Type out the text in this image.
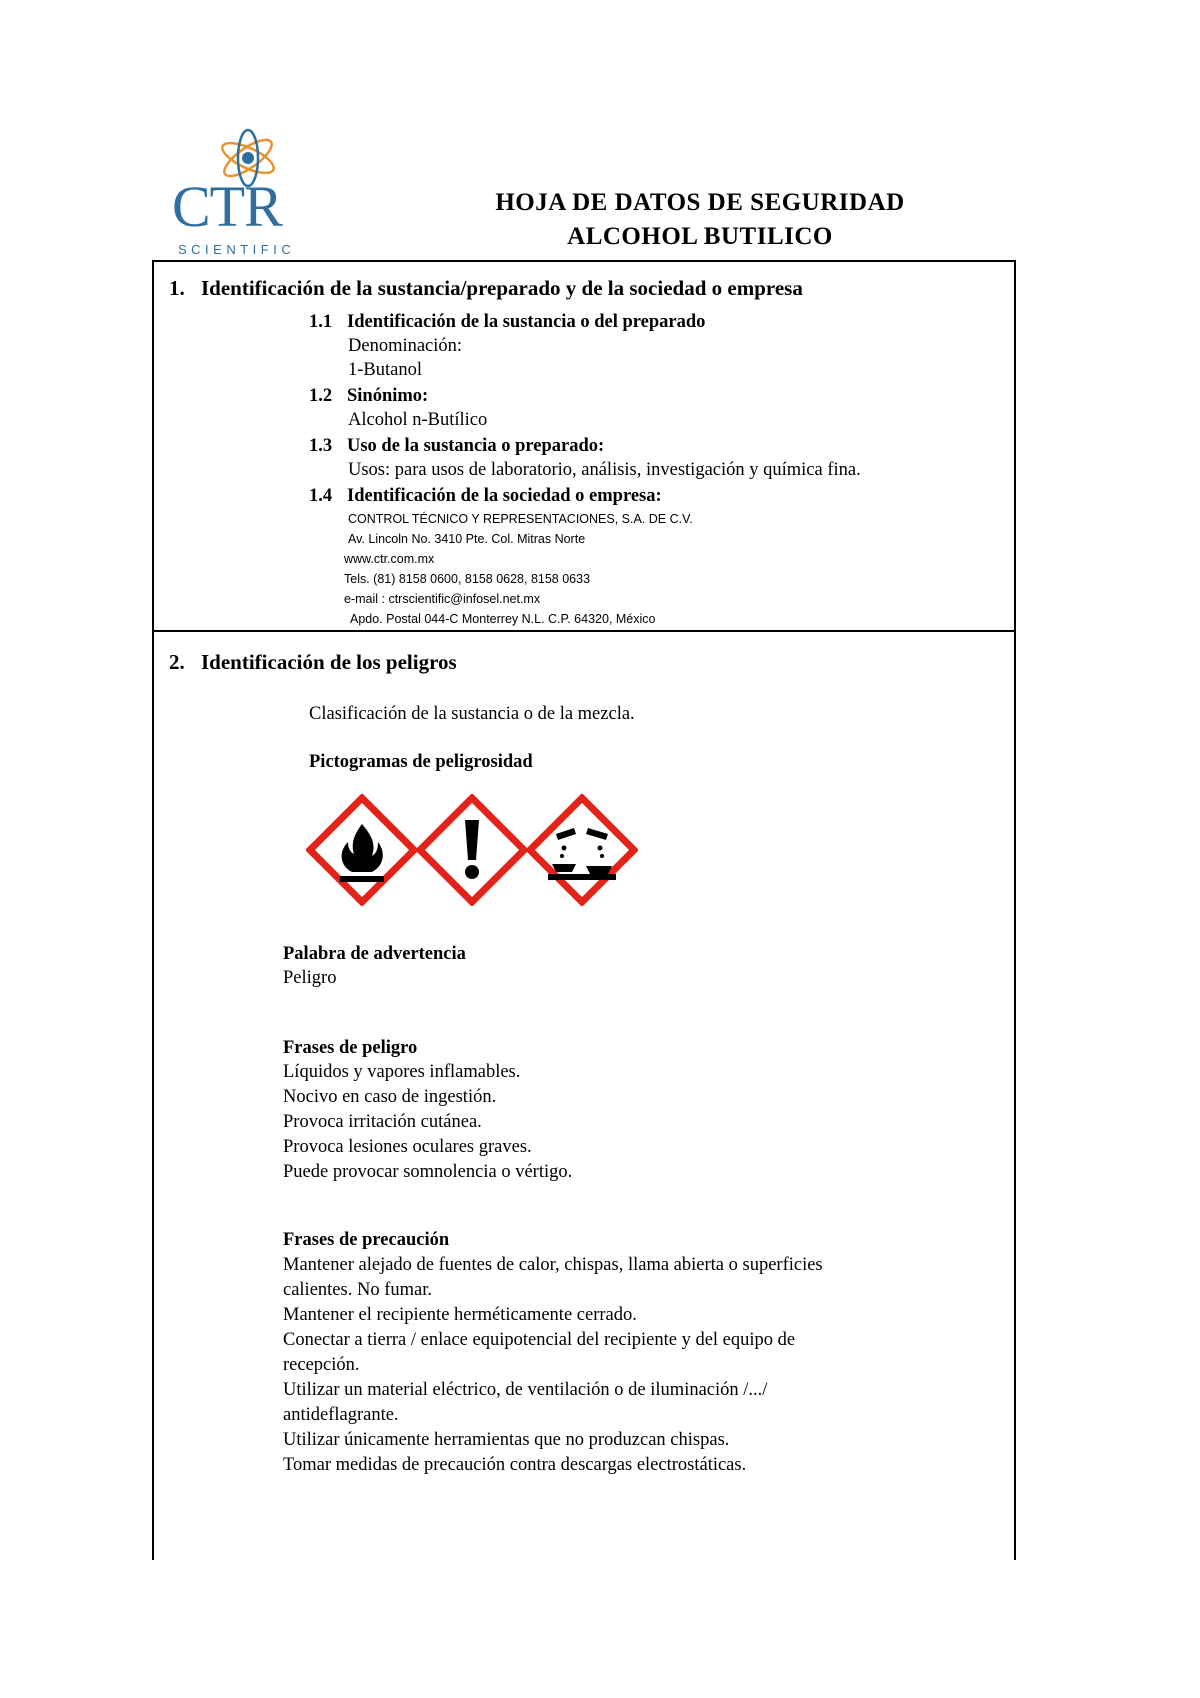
CTR
SCIENTIFIC
HOJA DE DATOS DE SEGURIDAD
ALCOHOL BUTILICO
1. Identificación de la sustancia/preparado y de la sociedad o empresa
1.1 Identificación de la sustancia o del preparado
Denominación:
1-Butanol
1.2 Sinónimo:
Alcohol n-Butílico
1.3 Uso de la sustancia o preparado:
Usos: para usos de laboratorio, análisis, investigación y química fina.
1.4 Identificación de la sociedad o empresa:
CONTROL TÉCNICO Y REPRESENTACIONES, S.A. DE C.V.
Av. Lincoln No. 3410 Pte. Col. Mitras Norte
www.ctr.com.mx
Tels. (81) 8158 0600, 8158 0628, 8158 0633
e-mail : ctrscientific@infosel.net.mx
Apdo. Postal 044-C Monterrey N.L. C.P. 64320, México
2. Identificación de los peligros
Clasificación de la sustancia o de la mezcla.
Pictogramas de peligrosidad
Palabra de advertencia
Peligro
Frases de peligro
Líquidos y vapores inflamables.
Nocivo en caso de ingestión.
Provoca irritación cutánea.
Provoca lesiones oculares graves.
Puede provocar somnolencia o vértigo.
Frases de precaución
Mantener alejado de fuentes de calor, chispas, llama abierta o superficies
calientes. No fumar.
Mantener el recipiente herméticamente cerrado.
Conectar a tierra / enlace equipotencial del recipiente y del equipo de
recepción.
Utilizar un material eléctrico, de ventilación o de iluminación /.../
antideflagrante.
Utilizar únicamente herramientas que no produzcan chispas.
Tomar medidas de precaución contra descargas electrostáticas.
